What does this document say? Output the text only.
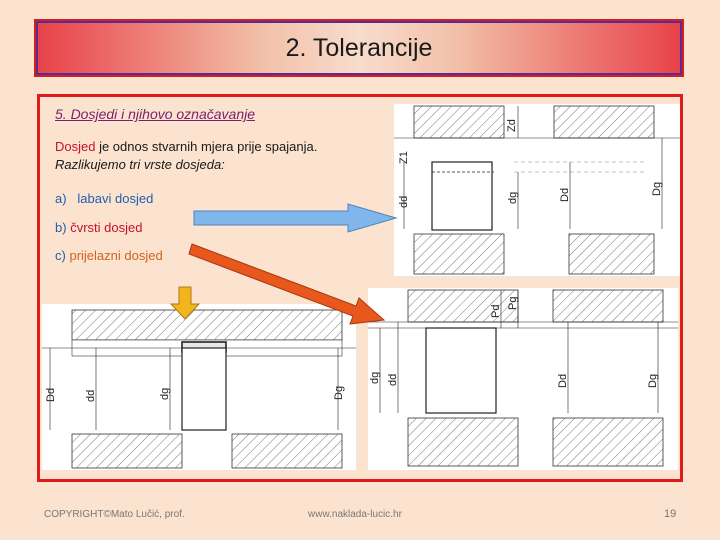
2. Tolerancije
5. Dosjedi i njihovo označavanje
Dosjed je odnos stvarnih mjera prije spajanja.
Razlikujemo tri vrste dosjeda:
a) labavi dosjed
b) čvrsti dosjed
c) prijelazni dosjed
Zd
Z1
dd	dg	Dd	Dg
Pd
Pg
dg dd	Dd	Dg
Dd	dd	dg	Dg
COPYRIGHT©Mato Lučić, prof.	www.naklada-lucic.hr	19
